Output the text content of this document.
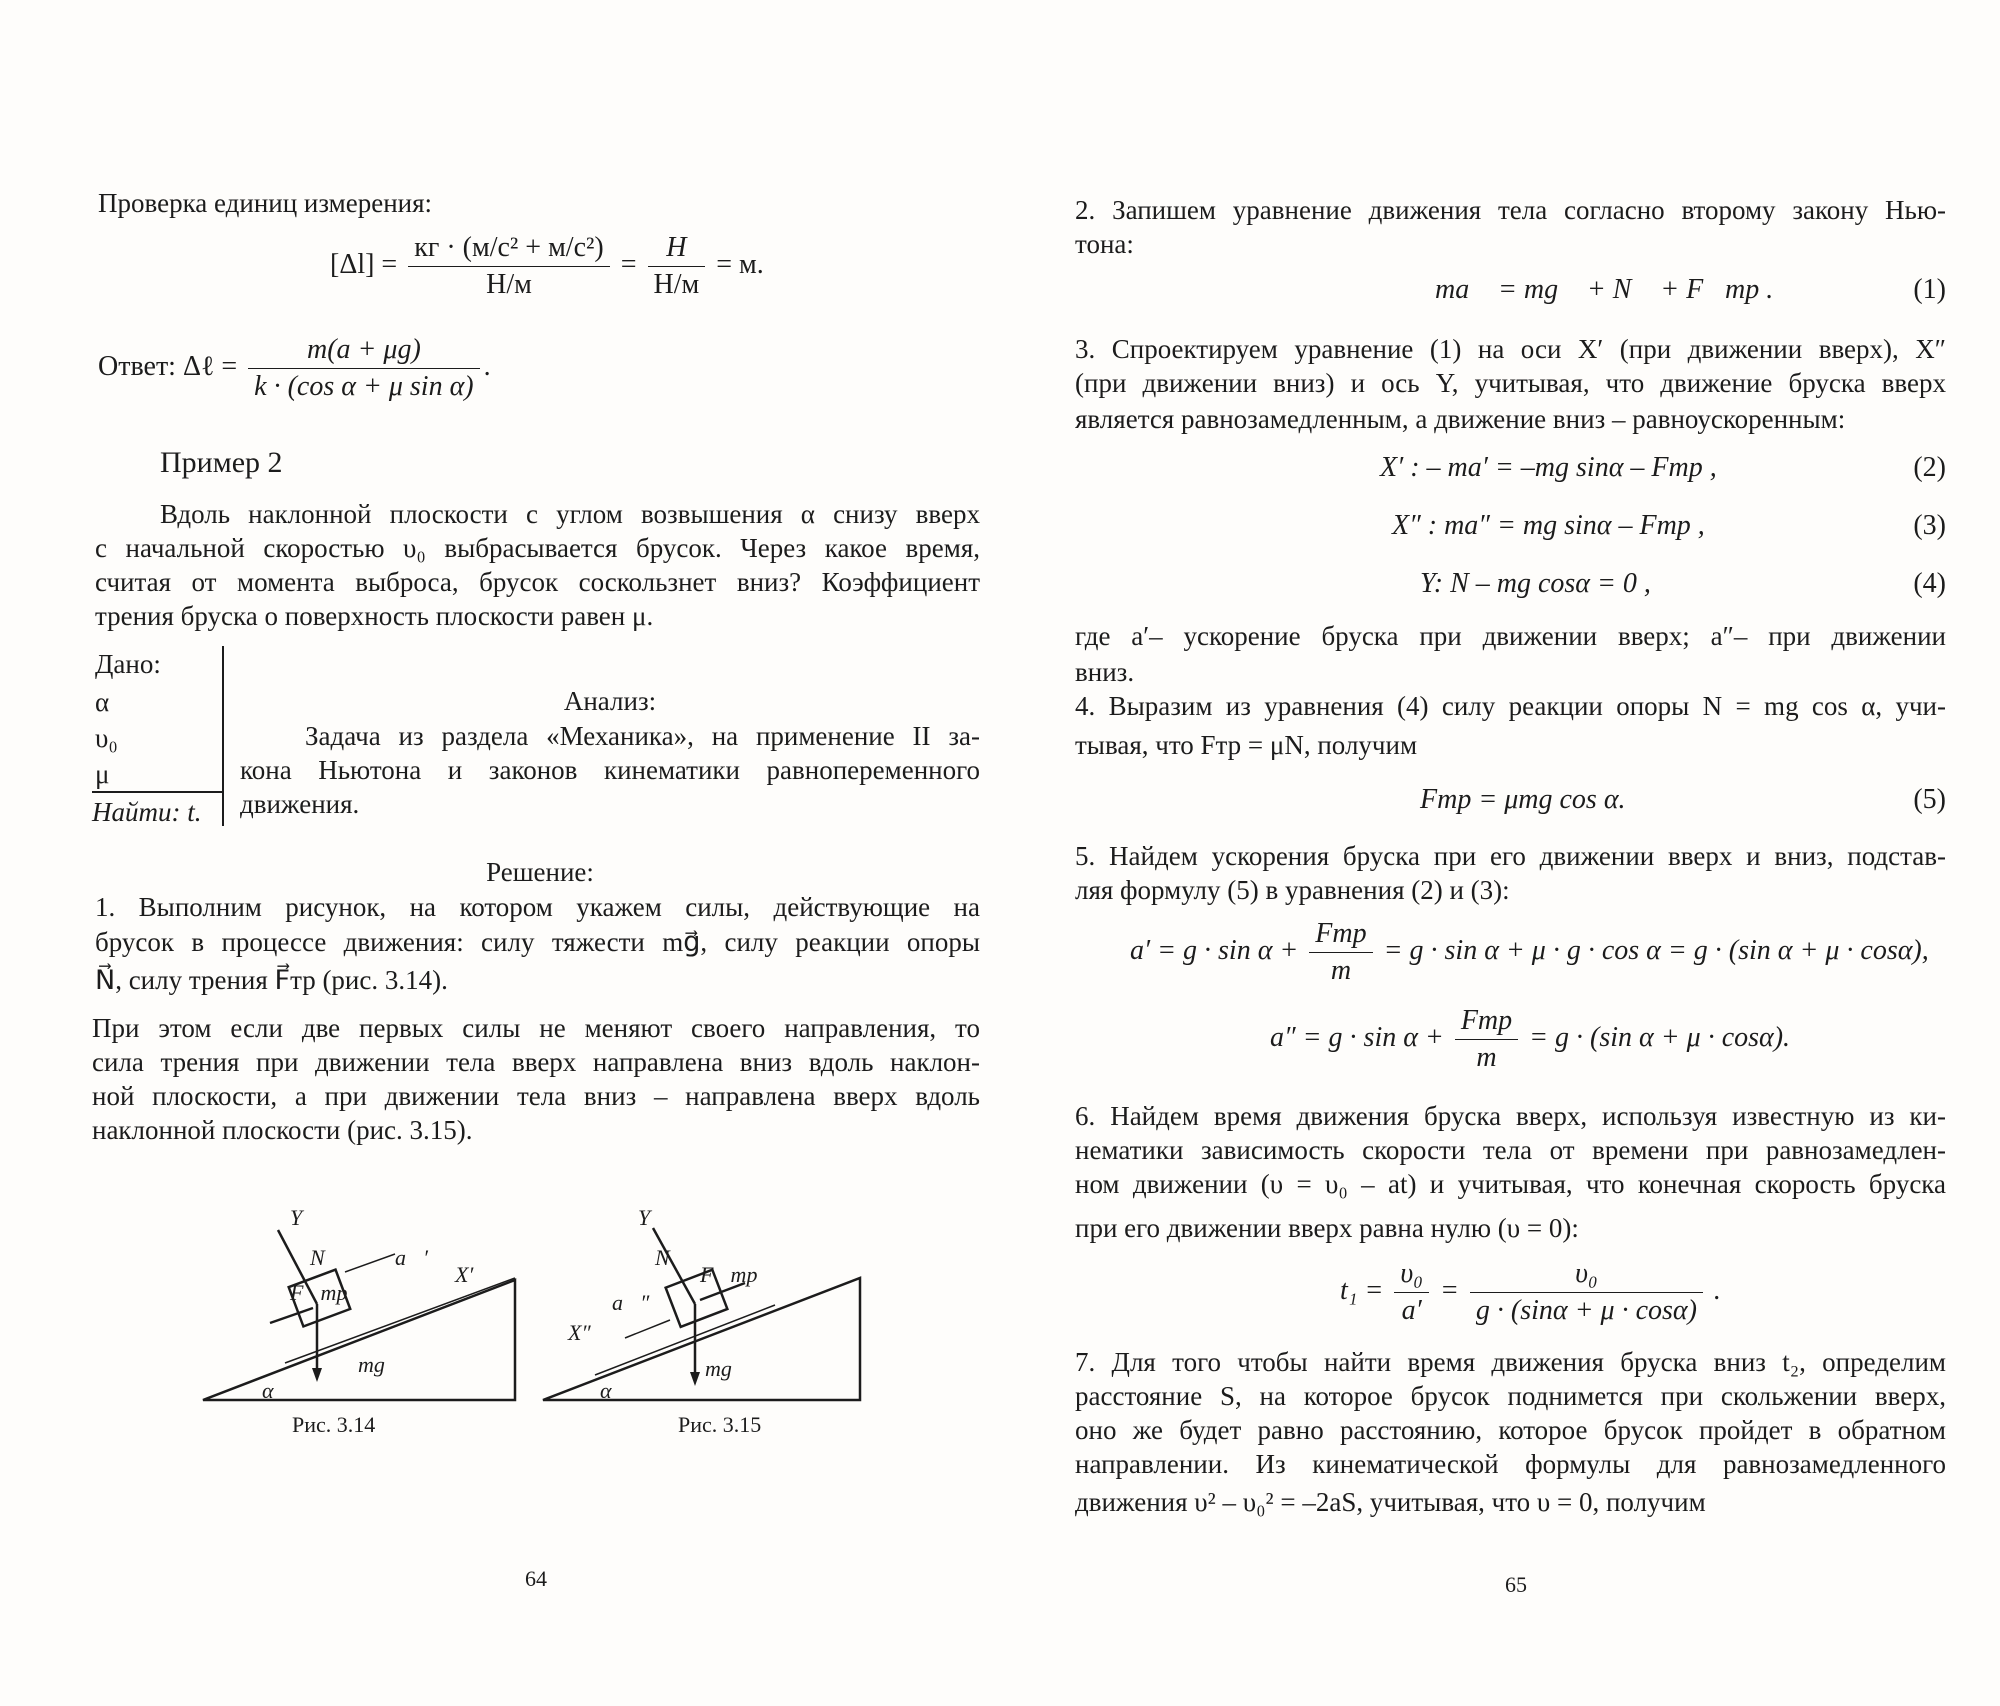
Проверка единиц измерения:
$[\Delta l] = \frac{\text{кг · (м/с² + м/с²)}}{Н/м} = \frac{Н}{Н/м} = м$.
Ответ: Δℓ = $\frac{m(a + \mu g)}{\text{k · (cos α + μ sin α)}}$ .
Пример 2
Вдоль наклонной плоскости с углом возвышения α снизу вверх
с начальной скоростью υ₀ выбрасывается брусок. Через какое время,
считая от момента выброса, брусок соскользнет вниз? Коэффициент
трения бруска о поверхность плоскости равен μ.
Дано:
α
υ₀
μ
Найти: t.
Анализ:
Задача из раздела «Механика», на применение II за-
кона Ньютона и законов кинематики равнопеременного
движения.
Решение:
1. Выполним рисунок, на котором укажем силы, действующие на
брусок в процессе движения: силу тяжести mg⃗, силу реакции опоры
N⃗, силу трения F⃗тр (рис. 3.14).
При этом если две первых силы не меняют своего направления, то
сила трения при движении тела вверх направлена вниз вдоль наклон-
ной плоскости, а при движении тела вниз – направлена вверх вдоль
наклонной плоскости (рис. 3.15).
Y
N⃗ a⃗′
X′
F⃗тр
mg⃗
α
Рис. 3.14
Y
N⃗
a⃗″
X″
F⃗тр
mg⃗
α
Рис. 3.15
64
2. Запишем уравнение движения тела согласно второму закону Нью-
тона:
ma⃗ = mg⃗ + N⃗ + F⃗тр .	(1)
3. Спроектируем уравнение (1) на оси X′ (при движении вверх), X″
(при движении вниз) и ось Y, учитывая, что движение бруска вверх
является равнозамедленным, а движение вниз – равноускоренным:
X′ : – ma′ = –mg sinα – Fтр ,	(2)
X″ : ma″ = mg sinα – Fтр ,	(3)
Y: N – mg cosα = 0 ,	(4)
где a′– ускорение бруска при движении вверх; a″– при движении
вниз.
4. Выразим из уравнения (4) силу реакции опоры N = mg cos α, учи-
тывая, что Fтр = μN, получим
Fтр = μmg cos α.	(5)
5. Найдем ускорения бруска при его движении вверх и вниз, подстав-
ляя формулу (5) в уравнения (2) и (3):
$a' = g \cdot \sin \alpha + \frac{\text{Fтр}}{m} = g \cdot \sin \alpha + \mu \cdot g \cdot \cos \alpha = g \cdot (\sin$ α + μ · cosα),
$a'' = g \cdot \sin \alpha + \frac{\text{Fтр}}{m} = g \cdot (\sin$ α + μ · cosα).
6. Найдем время движения бруска вверх, используя известную из ки-
нематики зависимость скорости тела от времени при равнозамедлен-
ном движении (υ = υ₀ – at) и учитывая, что конечная скорость бруска
при его движении вверх равна нулю (υ = 0):
$t_1 = \frac{\text{υ₀}}{a'} = \frac{\text{υ₀}}{g \cdot (\sin\alpha + \mu \cdot \cos\alpha)}$ .
7. Для того чтобы найти время движения бруска вниз t₂, определим
расстояние S, на которое брусок поднимется при скольжении вверх,
оно же будет равно расстоянию, которое брусок пройдет в обратном
направлении. Из кинематической формулы для равнозамедленного
движения υ² – υ₀² = –2aS, учитывая, что υ = 0, получим
65
